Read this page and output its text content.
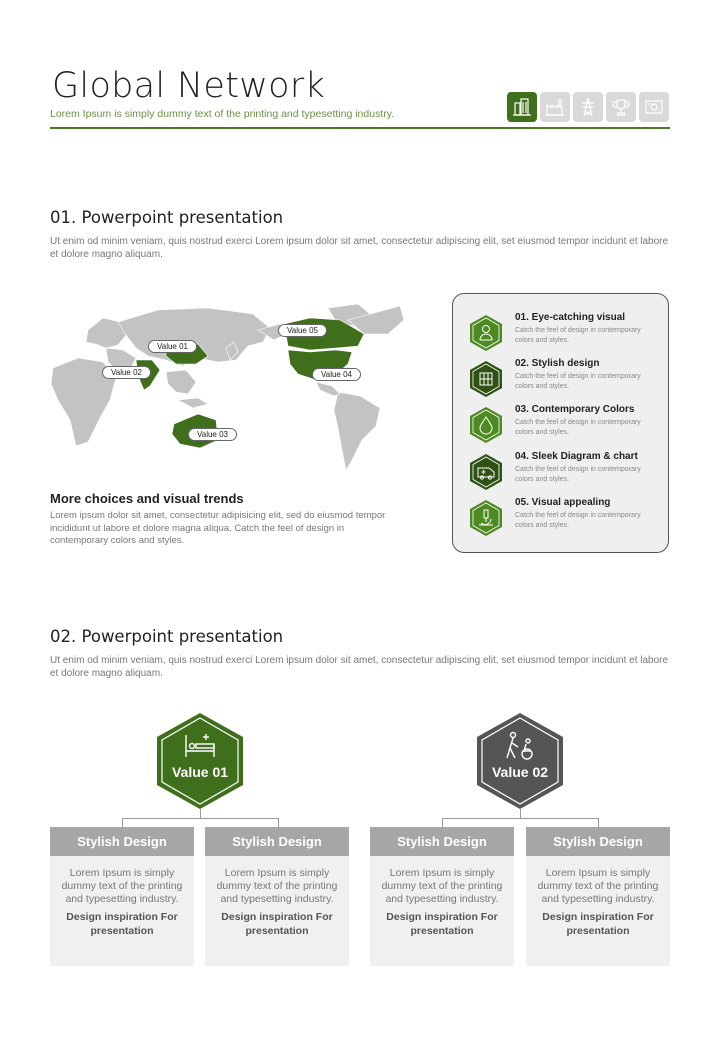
Global Network
Lorem Ipsum is simply dummy text of the printing and typesetting industry.
01. Powerpoint presentation
Ut enim od minim veniam, quis nostrud exerci Lorem ipsum dolor sit amet, consectetur adipiscing elit, set eiusmod tempor incidunt et labore et dolore magno aliquam.
Value 01
Value 02
Value 03
Value 04
Value 05
More choices and visual trends
Lorem ipsum dolor sit amet, consectetur adipisicing elit, sed do eiusmod tempor incididunt ut labore et dolore magna aliqua. Catch the feel of design in contemporary colors and styles.
01. Eye-catching visual
Catch the feel of design in contemporary colors and styles.
02. Stylish design
Catch the feel of design in contemporary colors and styles.
03. Contemporary Colors
Catch the feel of design in contemporary colors and styles.
04. Sleek Diagram & chart
Catch the feel of design in contemporary colors and styles.
05. Visual appealing
Catch the feel of design in contemporary colors and styles.
02. Powerpoint presentation
Ut enim od minim veniam, quis nostrud exerci Lorem ipsum dolor sit amet, consectetur adipiscing elit, set eiusmod tempor incidunt et labore et dolore magno aliquam.
Value 01	Value 02
Stylish Design
Lorem Ipsum is simply dummy text of the printing and typesetting industry.
Design inspiration For presentation
Stylish Design
Lorem Ipsum is simply dummy text of the printing and typesetting industry.
Design inspiration For presentation
Stylish Design
Lorem Ipsum is simply dummy text of the printing and typesetting industry.
Design inspiration For presentation
Stylish Design
Lorem Ipsum is simply dummy text of the printing and typesetting industry.
Design inspiration For presentation
